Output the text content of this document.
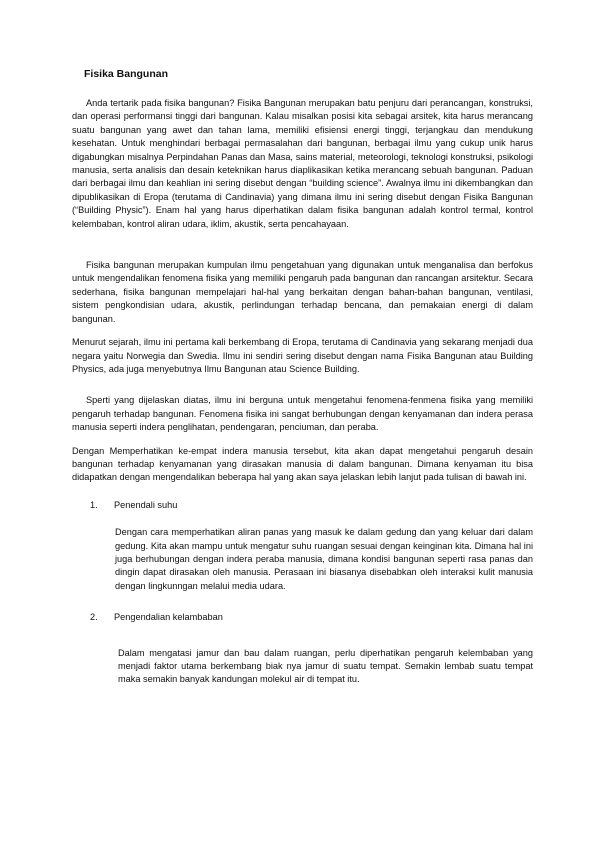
Fisika Bangunan

Anda tertarik pada fisika bangunan? Fisika Bangunan merupakan batu penjuru dari perancangan, konstruksi, dan operasi performansi tinggi dari bangunan. Kalau misalkan posisi kita sebagai arsitek, kita harus merancang suatu bangunan yang awet dan tahan lama, memiliki efisiensi energi tinggi, terjangkau dan mendukung kesehatan. Untuk menghindari berbagai permasalahan dari bangunan, berbagai ilmu yang cukup unik harus digabungkan misalnya Perpindahan Panas dan Masa, sains material, meteorologi, teknologi konstruksi, psikologi manusia, serta analisis dan desain keteknikan harus diaplikasikan ketika merancang sebuah bangunan. Paduan dari berbagai ilmu dan keahlian ini sering disebut dengan “building science”. Awalnya ilmu ini dikembangkan dan dipublikasikan di Eropa (terutama di Candinavia) yang dimana ilmu ini sering disebut dengan Fisika Bangunan (“Building Physic”). Enam hal yang harus diperhatikan dalam fisika bangunan adalah kontrol termal, kontrol kelembaban, kontrol aliran udara, iklim, akustik, serta pencahayaan.

Fisika bangunan merupakan kumpulan ilmu pengetahuan yang digunakan untuk menganalisa dan berfokus untuk mengendalikan fenomena fisika yang memiliki pengaruh pada bangunan dan rancangan arsitektur. Secara sederhana, fisika bangunan mempelajari hal-hal yang berkaitan dengan bahan-bahan bangunan, ventilasi, sistem pengkondisian udara, akustik, perlindungan terhadap bencana, dan pemakaian energi di dalam bangunan.

Menurut sejarah, ilmu ini pertama kali berkembang di Eropa, terutama di Candinavia yang sekarang menjadi dua negara yaitu Norwegia dan Swedia. Ilmu ini sendiri sering disebut dengan nama Fisika Bangunan atau Building Physics, ada juga menyebutnya Ilmu Bangunan atau Science Building.

Sperti yang dijelaskan diatas, ilmu ini berguna untuk mengetahui fenomena-fenmena fisika yang memiliki pengaruh terhadap bangunan. Fenomena fisika ini sangat berhubungan dengan kenyamanan dan indera perasa manusia seperti indera penglihatan, pendengaran, penciuman, dan peraba.

Dengan Memperhatikan ke-empat indera manusia tersebut, kita akan dapat mengetahui pengaruh desain bangunan terhadap kenyamanan yang dirasakan manusia di dalam bangunan. Dimana kenyaman itu bisa didapatkan dengan mengendalikan beberapa hal yang akan saya jelaskan lebih lanjut pada tulisan di bawah ini.

1.	Penendali suhu

Dengan cara memperhatikan aliran panas yang masuk ke dalam gedung dan yang keluar dari dalam gedung. Kita akan mampu untuk mengatur suhu ruangan sesuai dengan keinginan kita. Dimana hal ini juga berhubungan dengan indera peraba manusia, dimana kondisi bangunan seperti rasa panas dan dingin dapat dirasakan oleh manusia. Perasaan ini biasanya disebabkan oleh interaksi kulit manusia dengan lingkunngan melalui media udara.

2.	Pengendalian kelambaban

Dalam mengatasi jamur dan bau dalam ruangan, perlu diperhatikan pengaruh kelembaban yang menjadi faktor utama berkembang biak nya jamur di suatu tempat. Semakin lembab suatu tempat maka semakin banyak kandungan molekul air di tempat itu.
